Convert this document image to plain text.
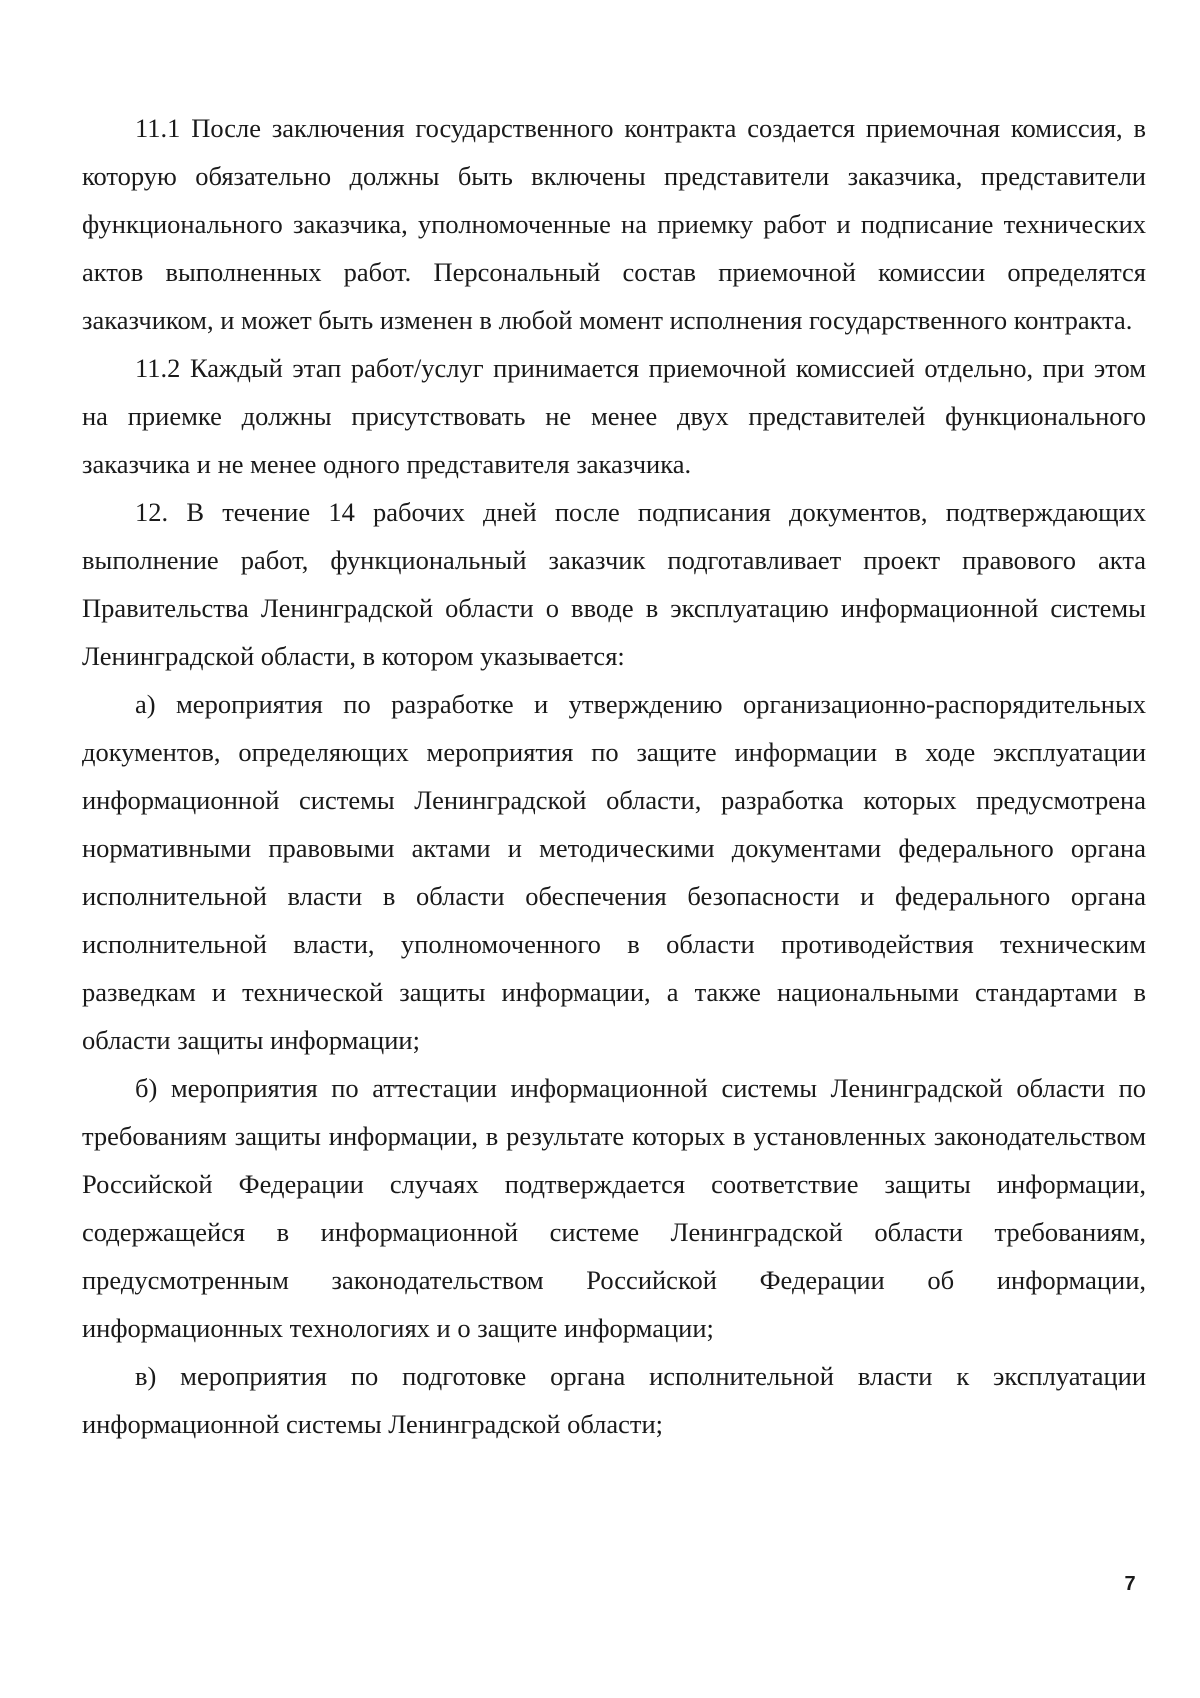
11.1 После заключения государственного контракта создается приемочная комиссия, в которую обязательно должны быть включены представители заказчика, представители функционального заказчика, уполномоченные на приемку работ и подписание технических актов выполненных работ. Персональный состав приемочной комиссии определятся заказчиком, и может быть изменен в любой момент исполнения государственного контракта.

11.2 Каждый этап работ/услуг принимается приемочной комиссией отдельно, при этом на приемке должны присутствовать не менее двух представителей функционального заказчика и не менее одного представителя заказчика.

12. В течение 14 рабочих дней после подписания документов, подтверждающих выполнение работ, функциональный заказчик подготавливает проект правового акта Правительства Ленинградской области о вводе в эксплуатацию информационной системы Ленинградской области, в котором указывается:

а) мероприятия по разработке и утверждению организационно-распорядительных документов, определяющих мероприятия по защите информации в ходе эксплуатации информационной системы Ленинградской области, разработка которых предусмотрена нормативными правовыми актами и методическими документами федерального органа исполнительной власти в области обеспечения безопасности и федерального органа исполнительной власти, уполномоченного в области противодействия техническим разведкам и технической защиты информации, а также национальными стандартами в области защиты информации;

б) мероприятия по аттестации информационной системы Ленинградской области по требованиям защиты информации, в результате которых в установленных законодательством Российской Федерации случаях подтверждается соответствие защиты информации, содержащейся в информационной системе Ленинградской области требованиям, предусмотренным законодательством Российской Федерации об информации, информационных технологиях и о защите информации;

в) мероприятия по подготовке органа исполнительной власти к эксплуатации информационной системы Ленинградской области;

7
